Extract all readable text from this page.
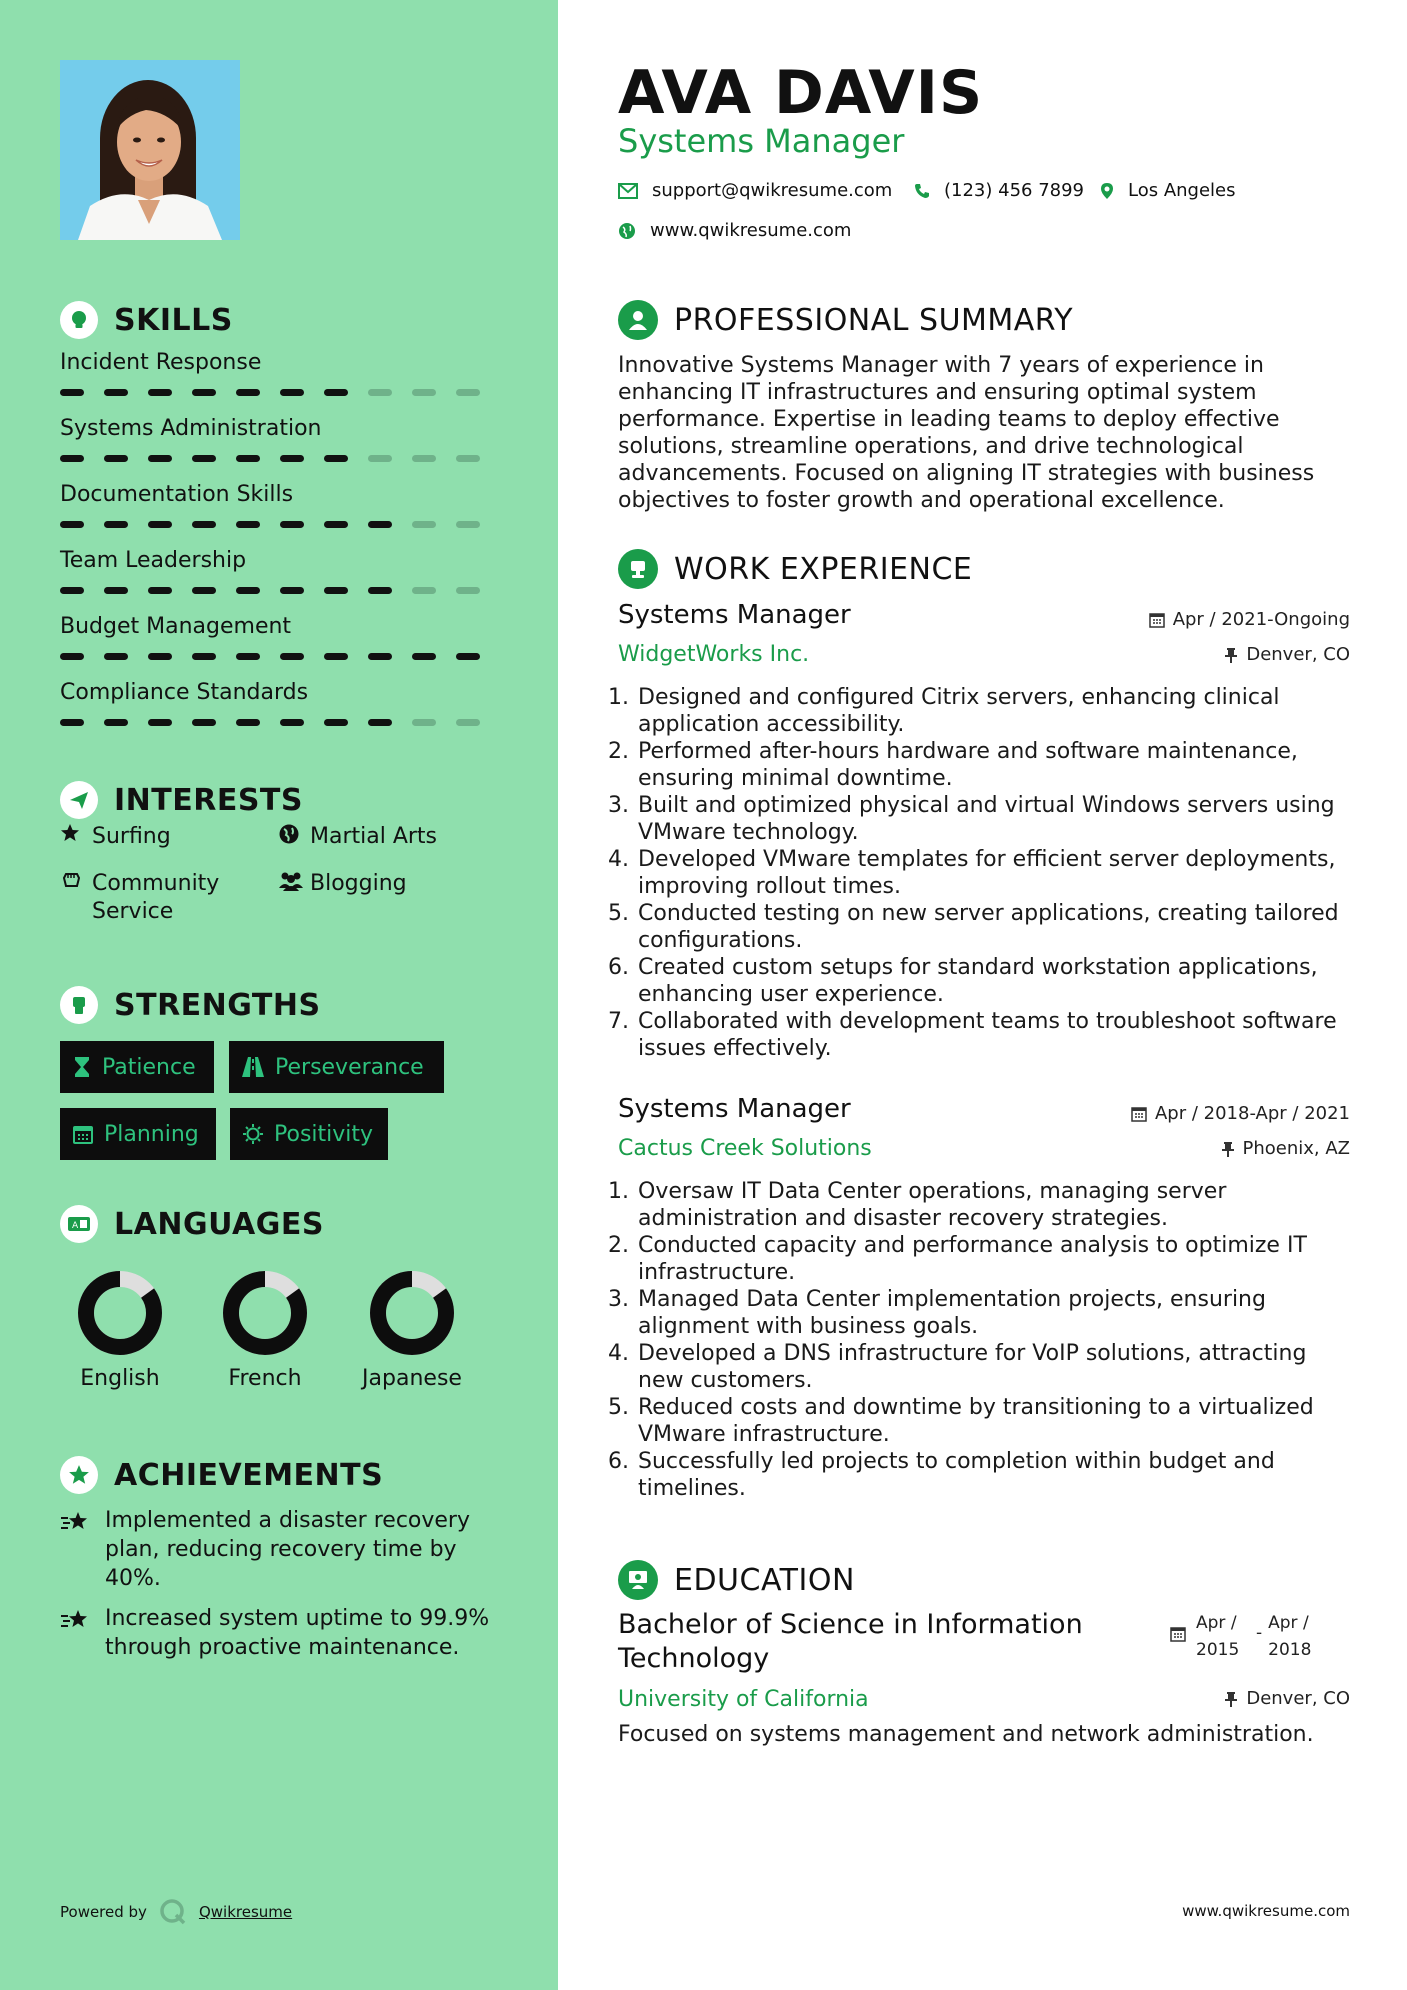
SKILLS
Incident Response
Systems Administration
Documentation Skills
Team Leadership
Budget Management
Compliance Standards
INTERESTS
Surfing	Martial Arts
Community Service
Blogging
STRENGTHS
Patience	Perseverance
Planning	Positivity
A LANGUAGES
English	French	Japanese
ACHIEVEMENTS
Implemented a disaster recovery plan, reducing recovery time by 40%.
Increased system uptime to 99.9% through proactive maintenance.
Powered by	Qwikresume
AVA DAVIS
Systems Manager
support@qwikresume.com	(123) 456 7899 Los Angeles
www.qwikresume.com
PROFESSIONAL SUMMARY
Innovative Systems Manager with 7 years of experience in enhancing IT infrastructures and ensuring optimal system performance. Expertise in leading teams to deploy effective solutions, streamline operations, and drive technological advancements. Focused on aligning IT strategies with business objectives to foster growth and operational excellence.
WORK EXPERIENCE
Systems Manager	Apr / 2021-Ongoing
WidgetWorks Inc.	Denver, CO
1. Designed and configured Citrix servers, enhancing clinical application accessibility.
2. Performed after-hours hardware and software maintenance, ensuring minimal downtime.
3. Built and optimized physical and virtual Windows servers using VMware technology.
4. Developed VMware templates for efficient server deployments, improving rollout times.
5. Conducted testing on new server applications, creating tailored configurations.
6. Created custom setups for standard workstation applications, enhancing user experience.
7. Collaborated with development teams to troubleshoot software issues effectively.
Systems Manager	Apr / 2018-Apr / 2021
Cactus Creek Solutions	Phoenix, AZ
1. Oversaw IT Data Center operations, managing server administration and disaster recovery strategies.
2. Conducted capacity and performance analysis to optimize IT infrastructure.
3. Managed Data Center implementation projects, ensuring alignment with business goals.
4. Developed a DNS infrastructure for VoIP solutions, attracting new customers.
5. Reduced costs and downtime by transitioning to a virtualized VMware infrastructure.
6. Successfully led projects to completion within budget and timelines.
EDUCATION
Bachelor of Science in Information Technology
Apr /
2015
- Apr /
2018
University of California	Denver, CO
Focused on systems management and network administration.
www.qwikresume.com
